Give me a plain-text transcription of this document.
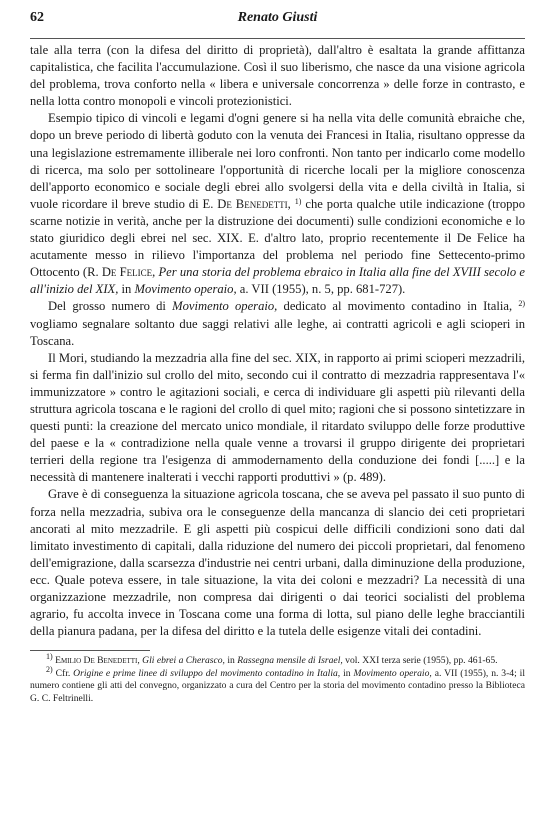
62	Renato Giusti

tale alla terra (con la difesa del diritto di proprietà), dall'altro è esaltata la grande affittanza capitalistica, che facilita l'accumulazione. Così il suo liberismo, che nasce da una visione agricola del problema, trova conforto nella « libera e universale concorrenza » delle forze in contrasto, e nella lotta contro monopoli e vincoli protezionistici.

Esempio tipico di vincoli e legami d'ogni genere si ha nella vita delle comunità ebraiche che, dopo un breve periodo di libertà goduto con la venuta dei Francesi in Italia, risultano oppresse da una legislazione estremamente illiberale nei loro confronti. Non tanto per indicarlo come modello di ricerca, ma solo per sottolineare l'opportunità di ricerche locali per la migliore conoscenza dell'apporto economico e sociale degli ebrei allo svolgersi della vita e della civiltà in Italia, si vuole ricordare il breve studio di E. De Benedetti, $^{1)}$ che porta qualche utile indicazione (troppo scarne notizie in verità, anche per la distruzione dei documenti) sulle condizioni economiche e lo stato giuridico degli ebrei nel sec. XIX. E. d'altro lato, proprio recentemente il De Felice ha acutamente messo in rilievo l'importanza del problema nel periodo fine Settecento-primo Ottocento (R. De Felice, Per una storia del problema ebraico in Italia alla fine del XVIII secolo e all'inizio del XIX, in Movimento operaio, a. VII (1955), n. 5, pp. 681-727).

Del grosso numero di Movimento operaio, dedicato al movimento contadino in Italia, $^{2)}$ vogliamo segnalare soltanto due saggi relativi alle leghe, ai contratti agricoli e agli scioperi in Toscana.

Il Mori, studiando la mezzadria alla fine del sec. XIX, in rapporto ai primi scioperi mezzadrili, si ferma fin dall'inizio sul crollo del mito, secondo cui il contratto di mezzadria rappresentava l'« immunizzatore » contro le agitazioni sociali, e cerca di individuare gli aspetti più rilevanti della struttura agricola toscana e le ragioni del crollo di quel mito; ragioni che si possono sintetizzare in questi punti: la creazione del mercato unico mondiale, il ritardato sviluppo delle forze produttive del paese e la « contradizione nella quale venne a trovarsi il gruppo dirigente dei proprietari terrieri della regione tra l'esigenza di ammodernamento della conduzione dei fondi [.....] e la necessità di mantenere inalterati i vecchi rapporti produttivi » (p. 489).

Grave è di conseguenza la situazione agricola toscana, che se aveva pel passato il suo punto di forza nella mezzadria, subiva ora le conseguenze della mancanza di slancio dei ceti proprietari ancorati al mito mezzadrile. E gli aspetti più cospicui delle difficili condizioni sono dati dal limitato investimento di capitali, dalla riduzione del numero dei piccoli proprietari, dal fenomeno dell'emigrazione, dalla scarsezza d'industrie nei centri urbani, dalla diminuzione della produzione, ecc. Quale poteva essere, in tale situazione, la vita dei coloni e mezzadri? La necessità di una organizzazione mezzadrile, non compresa dai dirigenti o dai teorici socialisti del problema agrario, fu accolta invece in Toscana come una forma di lotta, sul piano delle leghe bracciantili della pianura padana, per la difesa del diritto e la tutela delle esigenze vitali dei contadini.

$^{1)}$ Emilio De Benedetti, Gli ebrei a Cherasco, in Rassegna mensile di Israel, vol. XXI terza serie (1955), pp. 461-65.

$^{2)}$ Cfr. Origine e prime linee di sviluppo del movimento contadino in Italia, in Movimento operaio, a. VII (1955), n. 3-4; il numero contiene gli atti del convegno, organizzato a cura del Centro per la storia del movimento contadino presso la Biblioteca G. C. Feltrinelli.
